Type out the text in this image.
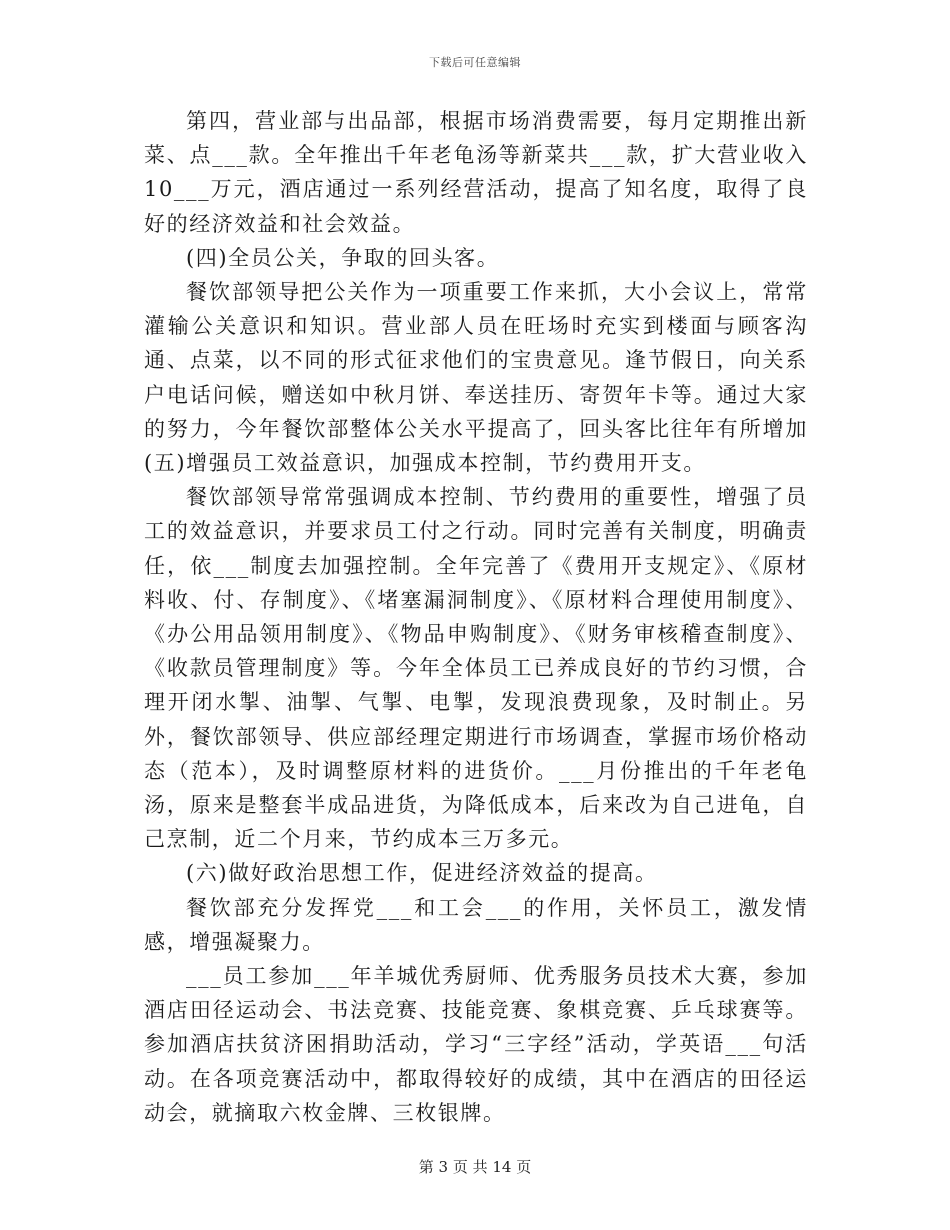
下载后可任意编辑

第四，营业部与出品部，根据市场消费需要，每月定期推出新菜、点___款。全年推出千年老龟汤等新菜共___款，扩大营业收入10___万元，酒店通过一系列经营活动，提高了知名度，取得了良好的经济效益和社会效益。

(四)全员公关，争取的回头客。

餐饮部领导把公关作为一项重要工作来抓，大小会议上，常常灌输公关意识和知识。营业部人员在旺场时充实到楼面与顾客沟通、点菜，以不同的形式征求他们的宝贵意见。逢节假日，向关系户电话问候，赠送如中秋月饼、奉送挂历、寄贺年卡等。通过大家的努力，今年餐饮部整体公关水平提高了，回头客比往年有所增加(五)增强员工效益意识，加强成本控制，节约费用开支。

餐饮部领导常常强调成本控制、节约费用的重要性，增强了员工的效益意识，并要求员工付之行动。同时完善有关制度，明确责任，依___制度去加强控制。全年完善了《费用开支规定》、《原材料收、付、存制度》、《堵塞漏洞制度》、《原材料合理使用制度》、《办公用品领用制度》、《物品申购制度》、《财务审核稽查制度》、《收款员管理制度》等。今年全体员工已养成良好的节约习惯，合理开闭水掣、油掣、气掣、电掣，发现浪费现象，及时制止。另外，餐饮部领导、供应部经理定期进行市场调查，掌握市场价格动态（范本），及时调整原材料的进货价。___月份推出的千年老龟汤，原来是整套半成品进货，为降低成本，后来改为自己进龟，自己烹制，近二个月来，节约成本三万多元。

(六)做好政治思想工作，促进经济效益的提高。

餐饮部充分发挥党___和工会___的作用，关怀员工，激发情感，增强凝聚力。

___员工参加___年羊城优秀厨师、优秀服务员技术大赛，参加酒店田径运动会、书法竞赛、技能竞赛、象棋竞赛、乒乓球赛等。参加酒店扶贫济困捐助活动，学习“三字经”活动，学英语___句活动。在各项竞赛活动中，都取得较好的成绩，其中在酒店的田径运动会，就摘取六枚金牌、三枚银牌。

第 3 页 共 14 页
